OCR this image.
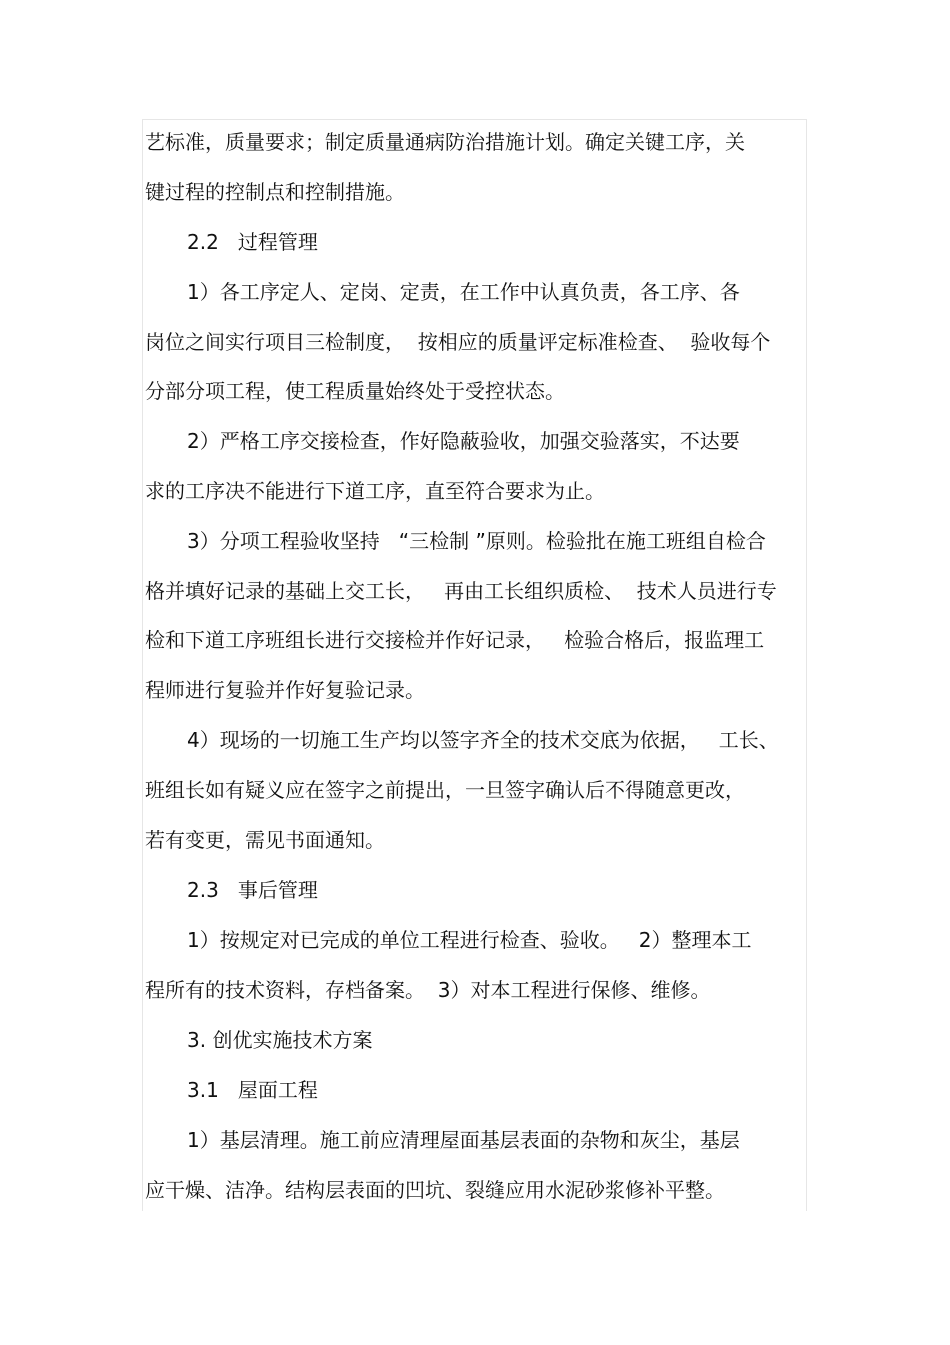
艺标准，质量要求；制定质量通病防治措施计划。确定关键工序，关
键过程的控制点和控制措施。
2.2   过程管理
1）各工序定人、定岗、定责，在工作中认真负责，各工序、各
岗位之间实行项目三检制度，  按相应的质量评定标准检查、  验收每个
分部分项工程，使工程质量始终处于受控状态。
2）严格工序交接检查，作好隐蔽验收，加强交验落实，不达要
求的工序决不能进行下道工序，直至符合要求为止。
3）分项工程验收坚持   “三检制 ”原则。检验批在施工班组自检合
格并填好记录的基础上交工长，   再由工长组织质检、  技术人员进行专
检和下道工序班组长进行交接检并作好记录，   检验合格后，报监理工
程师进行复验并作好复验记录。
4）现场的一切施工生产均以签字齐全的技术交底为依据，   工长、
班组长如有疑义应在签字之前提出，一旦签字确认后不得随意更改，
若有变更，需见书面通知。
2.3   事后管理
1）按规定对已完成的单位工程进行检查、验收。   2）整理本工
程所有的技术资料，存档备案。  3）对本工程进行保修、维修。
3. 创优实施技术方案
3.1   屋面工程
1）基层清理。施工前应清理屋面基层表面的杂物和灰尘，基层
应干燥、洁净。结构层表面的凹坑、裂缝应用水泥砂浆修补平整。
